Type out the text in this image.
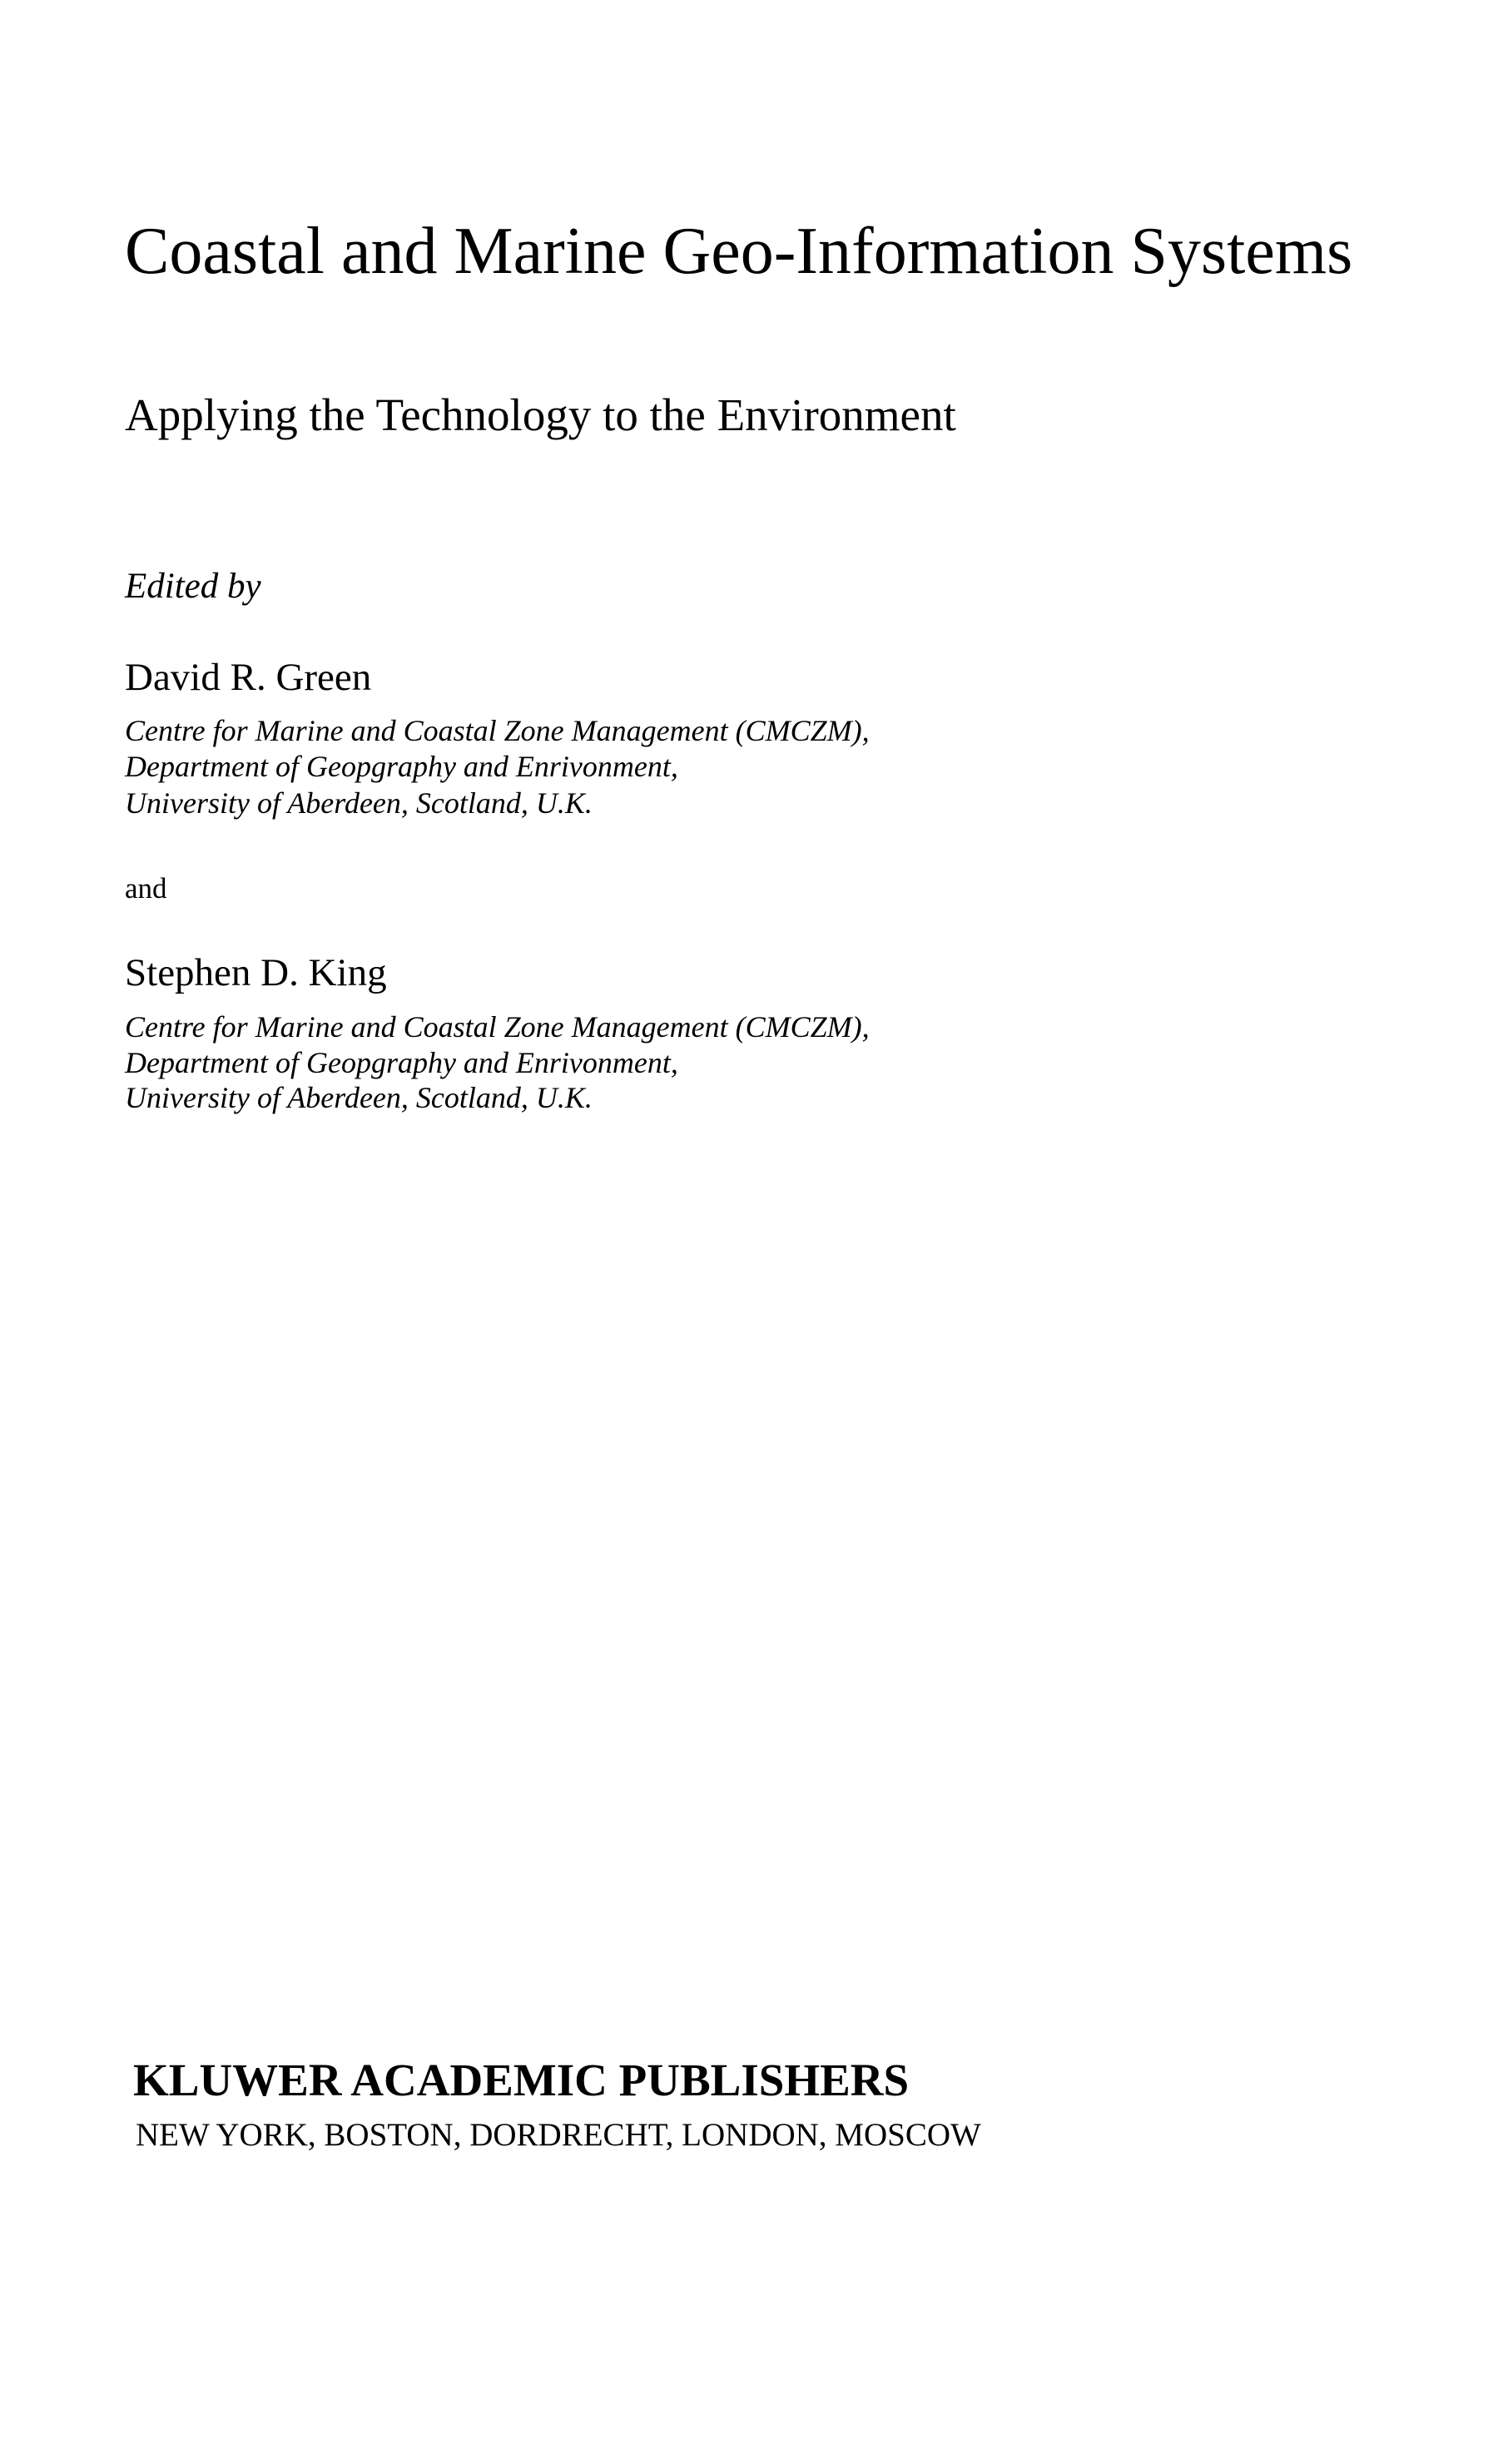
Coastal and Marine Geo-Information Systems
Applying the Technology to the Environment
Edited by
David R. Green
Centre for Marine and Coastal Zone Management (CMCZM),
Department of Geopgraphy and Enrivonment,
University of Aberdeen, Scotland, U.K.
and
Stephen D. King
Centre for Marine and Coastal Zone Management (CMCZM),
Department of Geopgraphy and Enrivonment,
University of Aberdeen, Scotland, U.K.
KLUWER ACADEMIC PUBLISHERS
NEW YORK, BOSTON, DORDRECHT, LONDON, MOSCOW
